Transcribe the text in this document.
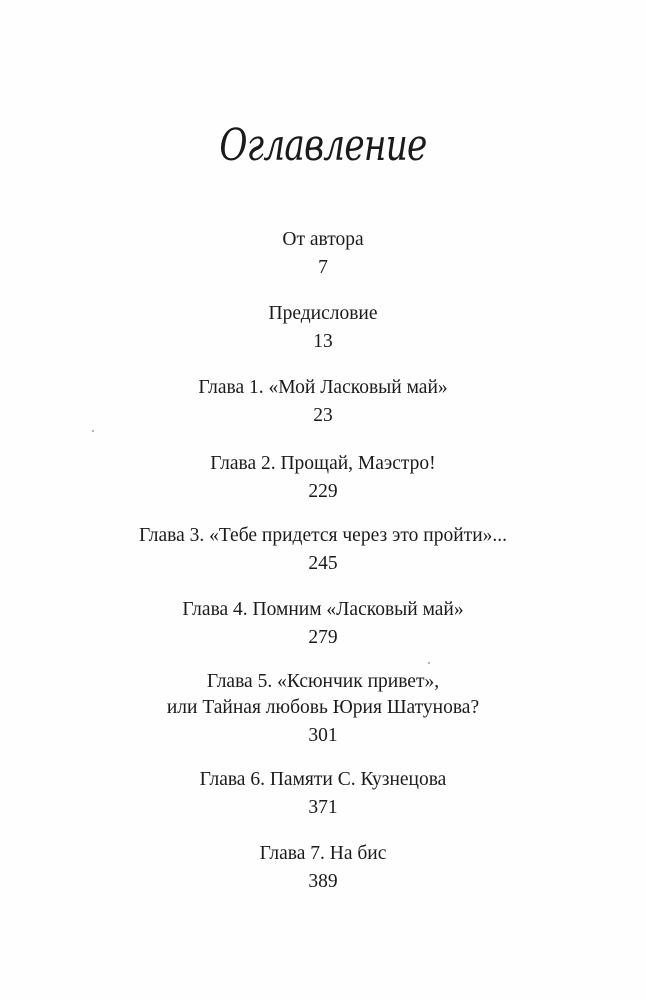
Оглавление
От автора
7
Предисловие
13
Глава 1. «Мой Ласковый май»
23
Глава 2. Прощай, Маэстро!
229
Глава 3. «Тебе придется через это пройти»...
245
Глава 4. Помним «Ласковый май»
279
Глава 5. «Ксюнчик привет»,
или Тайная любовь Юрия Шатунова?
301
Глава 6. Памяти С. Кузнецова
371
Глава 7. На бис
389
